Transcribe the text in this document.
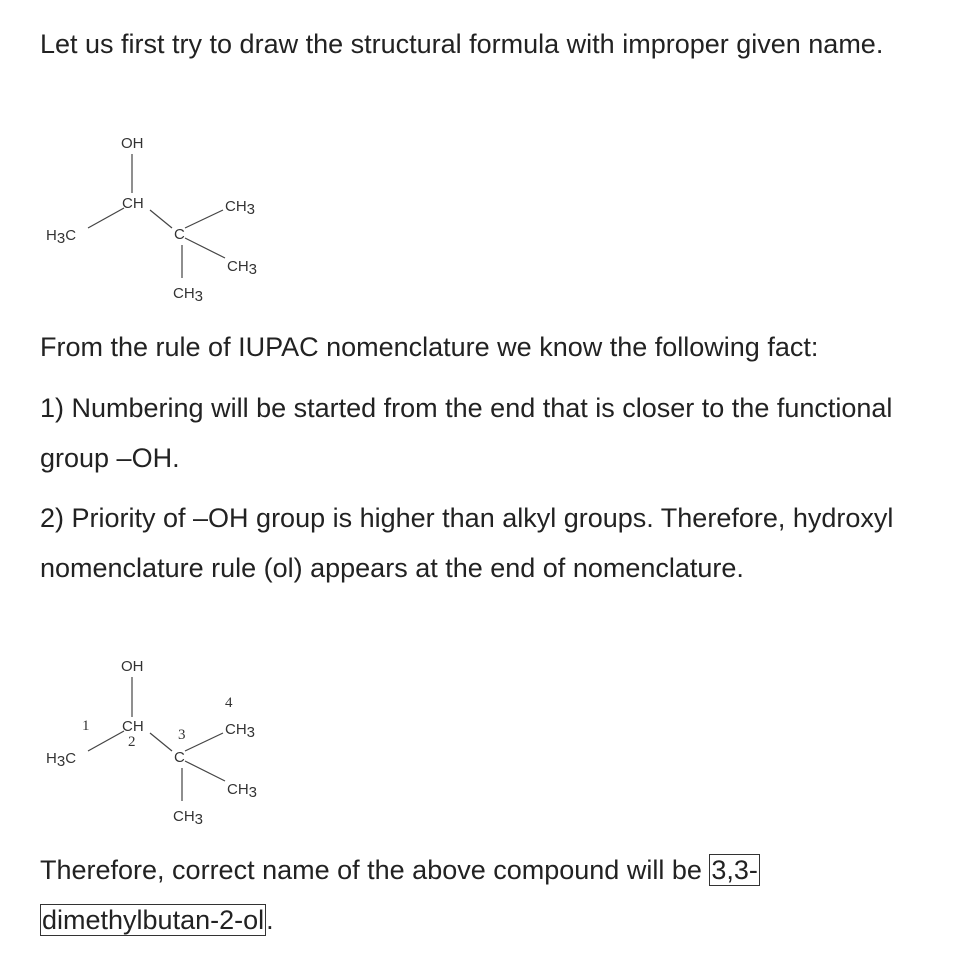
Let us first try to draw the structural formula with improper given name.

OH
CH
H3C	C
CH3
CH3
CH3

From the rule of IUPAC nomenclature we know the following fact:

1) Numbering will be started from the end that is closer to the functional group –OH.

2) Priority of –OH group is higher than alkyl groups. Therefore, hydroxyl nomenclature rule (ol) appears at the end of nomenclature.

OH
CH
1
2	3
4
H3C	C
CH3
CH3
CH3

Therefore, correct name of the above compound will be 3,3-
dimethylbutan-2-ol.
